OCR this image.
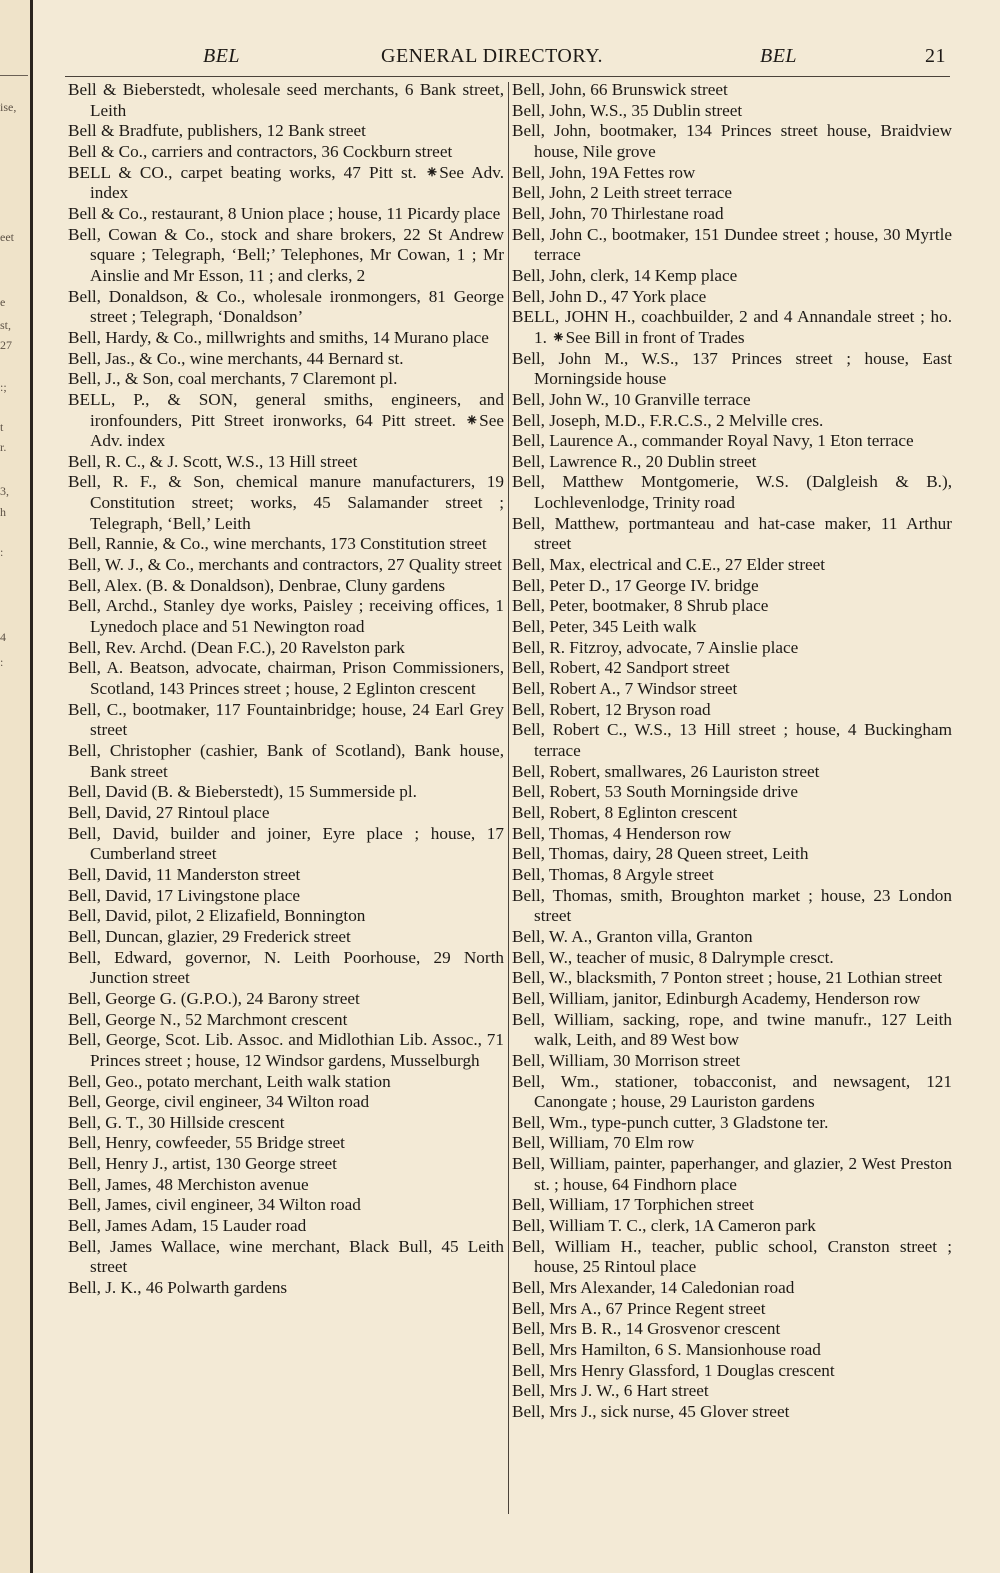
ise,
eet
e
st,
27
:;
t
r.
3,
h
:
4
:
BEL	GENERAL DIRECTORY.	BEL	21
Bell & Bieberstedt, wholesale seed merchants, 6 Bank street, Leith
Bell & Bradfute, publishers, 12 Bank street
Bell & Co., carriers and contractors, 36 Cockburn street
BELL & CO., carpet beating works, 47 Pitt st. ⁕See Adv. index
Bell & Co., restaurant, 8 Union place ; house, 11 Picardy place
Bell, Cowan & Co., stock and share brokers, 22 St Andrew square ; Telegraph, ‘Bell;’ Telephones, Mr Cowan, 1 ; Mr Ainslie and Mr Esson, 11 ; and clerks, 2
Bell, Donaldson, & Co., wholesale ironmongers, 81 George street ; Telegraph, ‘Donaldson’
Bell, Hardy, & Co., millwrights and smiths, 14 Murano place
Bell, Jas., & Co., wine merchants, 44 Bernard st.
Bell, J., & Son, coal merchants, 7 Claremont pl.
BELL, P., & SON, general smiths, engineers, and ironfounders, Pitt Street ironworks, 64 Pitt street. ⁕See Adv. index
Bell, R. C., & J. Scott, W.S., 13 Hill street
Bell, R. F., & Son, chemical manure manufacturers, 19 Constitution street; works, 45 Salamander street ; Telegraph, ‘Bell,’ Leith
Bell, Rannie, & Co., wine merchants, 173 Constitution street
Bell, W. J., & Co., merchants and contractors, 27 Quality street
Bell, Alex. (B. & Donaldson), Denbrae, Cluny gardens
Bell, Archd., Stanley dye works, Paisley ; receiving offices, 1 Lynedoch place and 51 Newington road
Bell, Rev. Archd. (Dean F.C.), 20 Ravelston park
Bell, A. Beatson, advocate, chairman, Prison Commissioners, Scotland, 143 Princes street ; house, 2 Eglinton crescent
Bell, C., bootmaker, 117 Fountainbridge; house, 24 Earl Grey street
Bell, Christopher (cashier, Bank of Scotland), Bank house, Bank street
Bell, David (B. & Bieberstedt), 15 Summerside pl.
Bell, David, 27 Rintoul place
Bell, David, builder and joiner, Eyre place ; house, 17 Cumberland street
Bell, David, 11 Manderston street
Bell, David, 17 Livingstone place
Bell, David, pilot, 2 Elizafield, Bonnington
Bell, Duncan, glazier, 29 Frederick street
Bell, Edward, governor, N. Leith Poorhouse, 29 North Junction street
Bell, George G. (G.P.O.), 24 Barony street
Bell, George N., 52 Marchmont crescent
Bell, George, Scot. Lib. Assoc. and Midlothian Lib. Assoc., 71 Princes street ; house, 12 Windsor gardens, Musselburgh
Bell, Geo., potato merchant, Leith walk station
Bell, George, civil engineer, 34 Wilton road
Bell, G. T., 30 Hillside crescent
Bell, Henry, cowfeeder, 55 Bridge street
Bell, Henry J., artist, 130 George street
Bell, James, 48 Merchiston avenue
Bell, James, civil engineer, 34 Wilton road
Bell, James Adam, 15 Lauder road
Bell, James Wallace, wine merchant, Black Bull, 45 Leith street
Bell, J. K., 46 Polwarth gardens
Bell, John, 66 Brunswick street
Bell, John, W.S., 35 Dublin street
Bell, John, bootmaker, 134 Princes street house, Braidview house, Nile grove
Bell, John, 19A Fettes row
Bell, John, 2 Leith street terrace
Bell, John, 70 Thirlestane road
Bell, John C., bootmaker, 151 Dundee street ; house, 30 Myrtle terrace
Bell, John, clerk, 14 Kemp place
Bell, John D., 47 York place
BELL, JOHN H., coachbuilder, 2 and 4 Annandale street ; ho. 1. ⁕See Bill in front of Trades
Bell, John M., W.S., 137 Princes street ; house, East Morningside house
Bell, John W., 10 Granville terrace
Bell, Joseph, M.D., F.R.C.S., 2 Melville cres.
Bell, Laurence A., commander Royal Navy, 1 Eton terrace
Bell, Lawrence R., 20 Dublin street
Bell, Matthew Montgomerie, W.S. (Dalgleish & B.), Lochlevenlodge, Trinity road
Bell, Matthew, portmanteau and hat-case maker, 11 Arthur street
Bell, Max, electrical and C.E., 27 Elder street
Bell, Peter D., 17 George IV. bridge
Bell, Peter, bootmaker, 8 Shrub place
Bell, Peter, 345 Leith walk
Bell, R. Fitzroy, advocate, 7 Ainslie place
Bell, Robert, 42 Sandport street
Bell, Robert A., 7 Windsor street
Bell, Robert, 12 Bryson road
Bell, Robert C., W.S., 13 Hill street ; house, 4 Buckingham terrace
Bell, Robert, smallwares, 26 Lauriston street
Bell, Robert, 53 South Morningside drive
Bell, Robert, 8 Eglinton crescent
Bell, Thomas, 4 Henderson row
Bell, Thomas, dairy, 28 Queen street, Leith
Bell, Thomas, 8 Argyle street
Bell, Thomas, smith, Broughton market ; house, 23 London street
Bell, W. A., Granton villa, Granton
Bell, W., teacher of music, 8 Dalrymple cresct.
Bell, W., blacksmith, 7 Ponton street ; house, 21 Lothian street
Bell, William, janitor, Edinburgh Academy, Henderson row
Bell, William, sacking, rope, and twine manufr., 127 Leith walk, Leith, and 89 West bow
Bell, William, 30 Morrison street
Bell, Wm., stationer, tobacconist, and newsagent, 121 Canongate ; house, 29 Lauriston gardens
Bell, Wm., type-punch cutter, 3 Gladstone ter.
Bell, William, 70 Elm row
Bell, William, painter, paperhanger, and glazier, 2 West Preston st. ; house, 64 Findhorn place
Bell, William, 17 Torphichen street
Bell, William T. C., clerk, 1A Cameron park
Bell, William H., teacher, public school, Cranston street ; house, 25 Rintoul place
Bell, Mrs Alexander, 14 Caledonian road
Bell, Mrs A., 67 Prince Regent street
Bell, Mrs B. R., 14 Grosvenor crescent
Bell, Mrs Hamilton, 6 S. Mansionhouse road
Bell, Mrs Henry Glassford, 1 Douglas crescent
Bell, Mrs J. W., 6 Hart street
Bell, Mrs J., sick nurse, 45 Glover street
